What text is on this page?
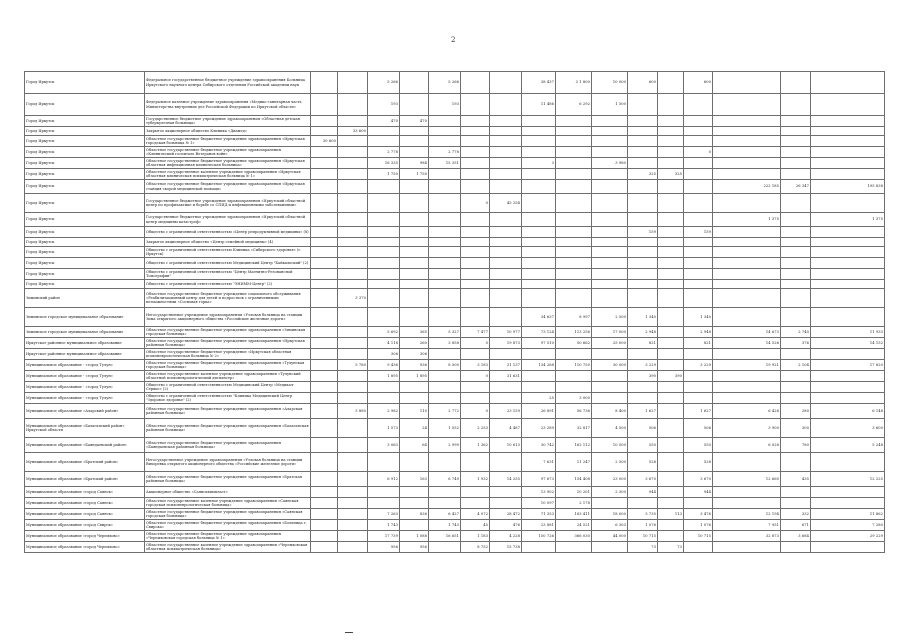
2
Город Иркутск	Федеральное государственное бюджетное учреждение здравоохранения Больница Иркутского научного центра Сибирского отделения Российской академии наук			5 266		5 266			38 437	3 1 800	10 000	600		600			
Город Иркутск	Федеральное казенное учреждение здравоохранения «Медико-санитарная часть Министерства внутренних дел Российской Федерации по Иркутской области»			193		193			11 486	6 292	1 500						
Город Иркутск	Государственное бюджетное учреждение здравоохранения «Областная детская туберкулезная больница»			470	470												
Город Иркутск	Закрытое акционерное общество Клиника «Диамед»		33 600														
Город Иркутск	Областное государственное бюджетное учреждение здравоохранения «Иркутская городская больница № 1»	30 600															
Город Иркутск	Областное государственное бюджетное учреждение здравоохранения «Клинический госпиталь Ветеранов войн»			2 778		2 778								0			
Город Иркутск	Областное государственное бюджетное учреждение здравоохранения «Иркутская областная инфекционная клиническая больница»			16 335	984	15 351			3		3 980						
Город Иркутск	Областное государственное казенное учреждение здравоохранения «Иркутская областная клиническая психиатрическая больница № 1»			1 750	1 750							325	325				
Город Иркутск	Областное государственное бюджетное учреждение здравоохранения «Иркутская станция скорой медицинской помощи»														222 185	26 347	195 838
Город Иркутск	Государственное бюджетное учреждение здравоохранения «Иркутский областной центр по профилактике и борьбе со СПИД и инфекционными заболеваниями»						0	45 254									
Город Иркутск	Государственное бюджетное учреждение здравоохранения «Иркутский областной центр медицины катастроф»														1 375		1 375
Город Иркутск	Общество с ограниченной ответственностью «Центр репродуктивной медицины» (8)											159		159			
Город Иркутск	Закрытое акционерное общество «Центр семейной медицины» (4)																
Город Иркутск	Общество с ограниченной ответственностью Клиника «Сибирского здоровья» (г. Иркутск)																
Город Иркутск	Общество с ограниченной ответственностью Медицинский Центр "Байкальский" (2)																
Город Иркутск	Общество с ограниченной ответственностью "Центр Магнитно-Резонансной Томографии"																
Город Иркутск	Общество с ограниченной ответственностью "ЭНИММ-Центр" (2)																
Зиминский район	Областное государственное бюджетное учреждение социального обслуживания «Реабилитационный центр для детей и подростков с ограниченными возможностями «Сосновая горка»		3 370														
Зиминское городское муниципальное образование	Негосударственное учреждение здравоохранения «Узловая больница на станции Зима открытого акционерного общества «Российские железные дороги»								34 637	8 997	2 500	1 340		1 340			
Зиминское городское муниципальное образование	Областное государственное бюджетное учреждение здравоохранения «Зиминская городская больница»			5 692	365	5 327	7 477	10 977	73 124	113 256	17 000	2 948		2 948	14 673	2 740	11 933
Иркутское районное муниципальное образование	Областное государственное бюджетное учреждение здравоохранения «Иркутская районная больница»			4 118	260	3 858	0	19 873	97 510	50 662	25 000	821		821	14 526	376	14 152
Иркутское районное муниципальное образование	Областное государственное бюджетное учреждение «Иркутская областная психоневрологическая больница № 2»			306	306												
Муниципальное образование - «город Тулун»	Областное государственное бюджетное учреждение здравоохранения «Тулунская городская больница»		5 780	9 436	936	8 500	3 183	31 137	134 288	110 750	30 000	3 229		3 229	19 921	2 104	17 820
Муниципальное образование - «город Тулун»	Областное государственное казенное учреждение здравоохранения «Тулунский областной психоневрологический диспансер»			1 895	1 895		0	31 631				390	390				
Муниципальное образование - «город Тулун»	Общество с ограниченной ответственностью Медицинский Центр «Медикал-Сервис» (2)																
Муниципальное образование - «город Тулун»	Общество с ограниченной ответственностью "Клиника Медицинский Центр "Здоровое здоровье" (2)								25	3 000							
Муниципальное образование «Аларский район»	Областное государственное бюджетное учреждение здравоохранения «Аларская районная больница»		3 880	2 982	110	2 772	0	23 159	26 891	56 736	8 400	1 627		1 627	6 428	280	6 148
Муниципальное образование «Балаганский район» Иркутской области	Областное государственное бюджетное учреждение здравоохранения «Балаганская районная больница»			1 573	24	1 552	2 253	4 487	23 289	32 817	4 500	506		506	3 900	300	3 600
Муниципальное образование «Баяндаевский район»	Областное государственное бюджетное учреждение здравоохранения «Баяндаевская районная больница»			3 063	64	2 999	1 362	10 613	30 742	162 112	10 500	550		550	6 028	780	5 248
Муниципальное образование «Братский район»	Негосударственное учреждение здравоохранения «Узловая больница на станции Вихоревка открытого акционерного общества «Российские железные дороги»								7 631	11 247	2 500	528		528			
Муниципальное образование «Братский район»	Областное государственное бюджетное учреждение здравоохранения «Братская районная больница»			6 912	163	6 749	1 932	14 255	97 673	154 408	23 000	3 670		3 670	12 660	435	12 225
Муниципальное образование «город Саянск»	Акционерное общество «Саянскхимпласт»								13 902	10 201	2 300	944		944			
Муниципальное образование «город Саянск»	Областное государственное казенное учреждение здравоохранения «Саянская городская психоневрологическая больница»								10 097	2 178							
Муниципальное образование «город Саянск»	Областное государственное бюджетное учреждение здравоохранения «Саянская городская больница»			7 263	836	6 427	4 072	28 472	71 353	183 411	18 000	3 735	113	3 476	12 194	332	11 862
Муниципальное образование «город Свирск»	Областное государственное бюджетное учреждение здравоохранения «Больница г. Свирска»			1 743		1 743	45	476	23 881	24 521	6 303	1 076		1 076	7 951	671	7 280
Муниципальное образование «город Черемхово»	Областное государственное бюджетное учреждение здравоохранения «Черемховская городская больница № 1»			17 739	1 088	16 651	1 183	4 228	150 726	366 030	44 000	10 715		10 715	32 873	3 684	29 229
Муниципальное образование «город Черемхово»	Областное государственное казенное учреждение здравоохранения «Черемховская областная психиатрическая больница»			956	956		8 752	15 738				73	73				
